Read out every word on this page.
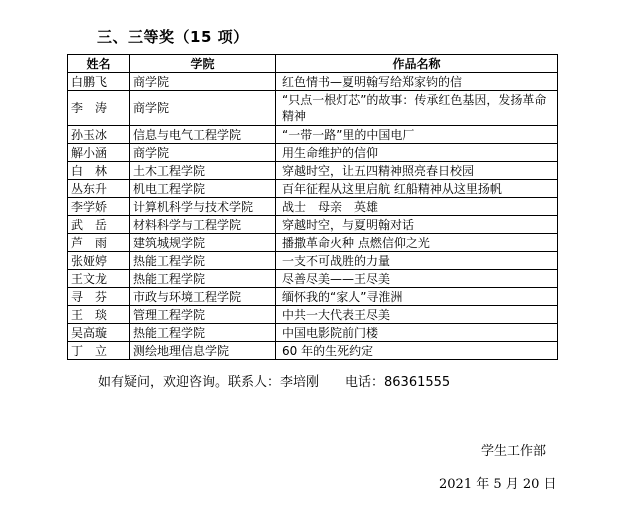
三、三等奖（15 项）
姓名	学院	作品名称
白鹏飞	商学院	红色情书—夏明翰写给郑家钧的信
李　涛	商学院	“只点一根灯芯”的故事：传承红色基因，发扬革命精神
孙玉冰	信息与电气工程学院	“一带一路”里的中国电厂
解小涵	商学院	用生命维护的信仰
白　林	土木工程学院	穿越时空，让五四精神照亮春日校园
丛东升	机电工程学院	百年征程从这里启航 红船精神从这里扬帆
李学娇	计算机科学与技术学院	战士　母亲　英雄
武　岳	材料科学与工程学院	穿越时空，与夏明翰对话
芦　雨	建筑城规学院	播撒革命火种 点燃信仰之光
张娅婷	热能工程学院	一支不可战胜的力量
王文龙	热能工程学院	尽善尽美——王尽美
寻　芬	市政与环境工程学院	缅怀我的“家人”寻淮洲
王　琰	管理工程学院	中共一大代表王尽美
吴高璇	热能工程学院	中国电影院前门楼
丁　立	测绘地理信息学院	60 年的生死约定
如有疑问，欢迎咨询。联系人：李培刚 电话：86361555
学生工作部
2021 年 5 月 20 日
